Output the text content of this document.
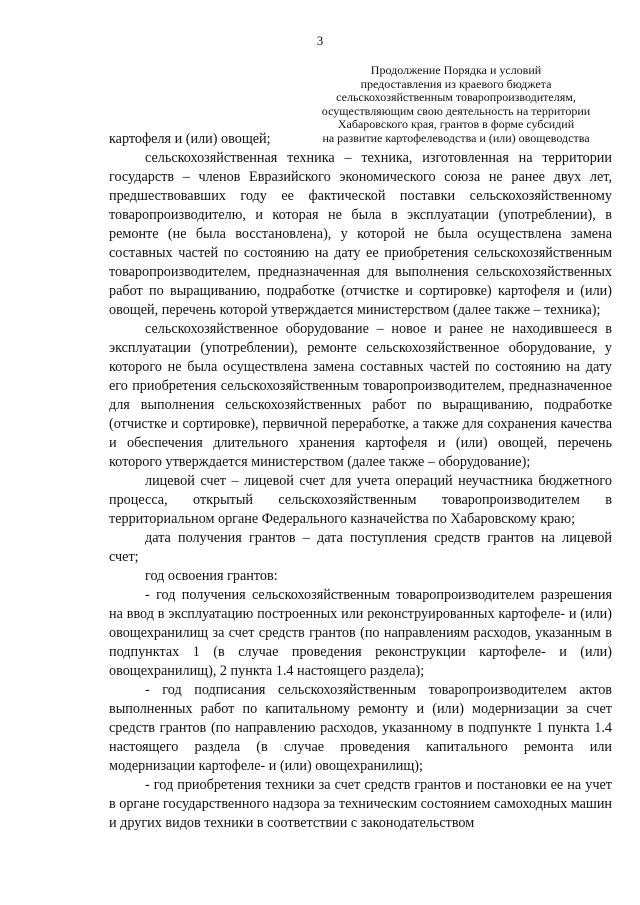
3
Продолжение Порядка и условий
предоставления из краевого бюджета
сельскохозяйственным товаропроизводителям,
осуществляющим свою деятельность на территории
Хабаровского края, грантов в форме субсидий
на развитие картофелеводства и (или) овощеводства

картофеля и (или) овощей;

сельскохозяйственная техника – техника, изготовленная на территории государств – членов Евразийского экономического союза не ранее двух лет, предшествовавших году ее фактической поставки сельскохозяйственному товаропроизводителю, и которая не была в эксплуатации (употреблении), в ремонте (не была восстановлена), у которой не была осуществлена замена составных частей по состоянию на дату ее приобретения сельскохозяйственным товаропроизводителем, предназначенная для выполнения сельскохозяйственных работ по выращиванию, подработке (отчистке и сортировке) картофеля и (или) овощей, перечень которой утверждается министерством (далее также – техника);

сельскохозяйственное оборудование – новое и ранее не находившееся в эксплуатации (употреблении), ремонте сельскохозяйственное оборудование, у которого не была осуществлена замена составных частей по состоянию на дату его приобретения сельскохозяйственным товаропроизводителем, предназначенное для выполнения сельскохозяйственных работ по выращиванию, подработке (отчистке и сортировке), первичной переработке, а также для сохранения качества и обеспечения длительного хранения картофеля и (или) овощей, перечень которого утверждается министерством (далее также – оборудование);

лицевой счет – лицевой счет для учета операций неучастника бюджетного процесса, открытый сельскохозяйственным товаропроизводителем в территориальном органе Федерального казначейства по Хабаровскому краю;

дата получения грантов – дата поступления средств грантов на лицевой счет;

год освоения грантов:

- год получения сельскохозяйственным товаропроизводителем разрешения на ввод в эксплуатацию построенных или реконструированных картофеле- и (или) овощехранилищ за счет средств грантов (по направлениям расходов, указанным в подпунктах 1 (в случае проведения реконструкции картофеле- и (или) овощехранилищ), 2 пункта 1.4 настоящего раздела);

- год подписания сельскохозяйственным товаропроизводителем актов выполненных работ по капитальному ремонту и (или) модернизации за счет средств грантов (по направлению расходов, указанному в подпункте 1 пункта 1.4 настоящего раздела (в случае проведения капитального ремонта или модернизации картофеле- и (или) овощехранилищ);

- год приобретения техники за счет средств грантов и постановки ее на учет в органе государственного надзора за техническим состоянием самоходных машин и других видов техники в соответствии с законодательством
